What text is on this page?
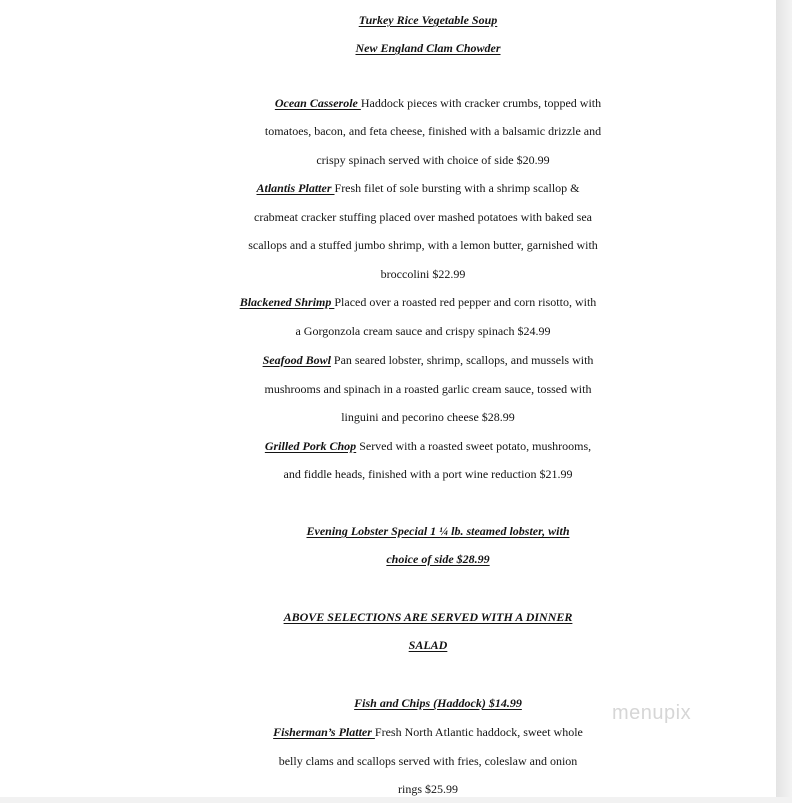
Turkey Rice Vegetable Soup
New England Clam Chowder
Ocean Casserole Haddock pieces with cracker crumbs, topped with
tomatoes, bacon, and feta cheese, finished with a balsamic drizzle and
crispy spinach served with choice of side $20.99
Atlantis Platter Fresh filet of sole bursting with a shrimp scallop &
crabmeat cracker stuffing placed over mashed potatoes with baked sea
scallops and a stuffed jumbo shrimp, with a lemon butter, garnished with
broccolini $22.99
Blackened Shrimp Placed over a roasted red pepper and corn risotto, with
a Gorgonzola cream sauce and crispy spinach $24.99
Seafood Bowl Pan seared lobster, shrimp, scallops, and mussels with
mushrooms and spinach in a roasted garlic cream sauce, tossed with
linguini and pecorino cheese $28.99
Grilled Pork Chop Served with a roasted sweet potato, mushrooms,
and fiddle heads, finished with a port wine reduction $21.99
Evening Lobster Special 1 ¼ lb. steamed lobster, with
choice of side $28.99
ABOVE SELECTIONS ARE SERVED WITH A DINNER
SALAD
Fish and Chips (Haddock) $14.99
Fisherman’s Platter Fresh North Atlantic haddock, sweet whole
belly clams and scallops served with fries, coleslaw and onion
rings $25.99
menupix
